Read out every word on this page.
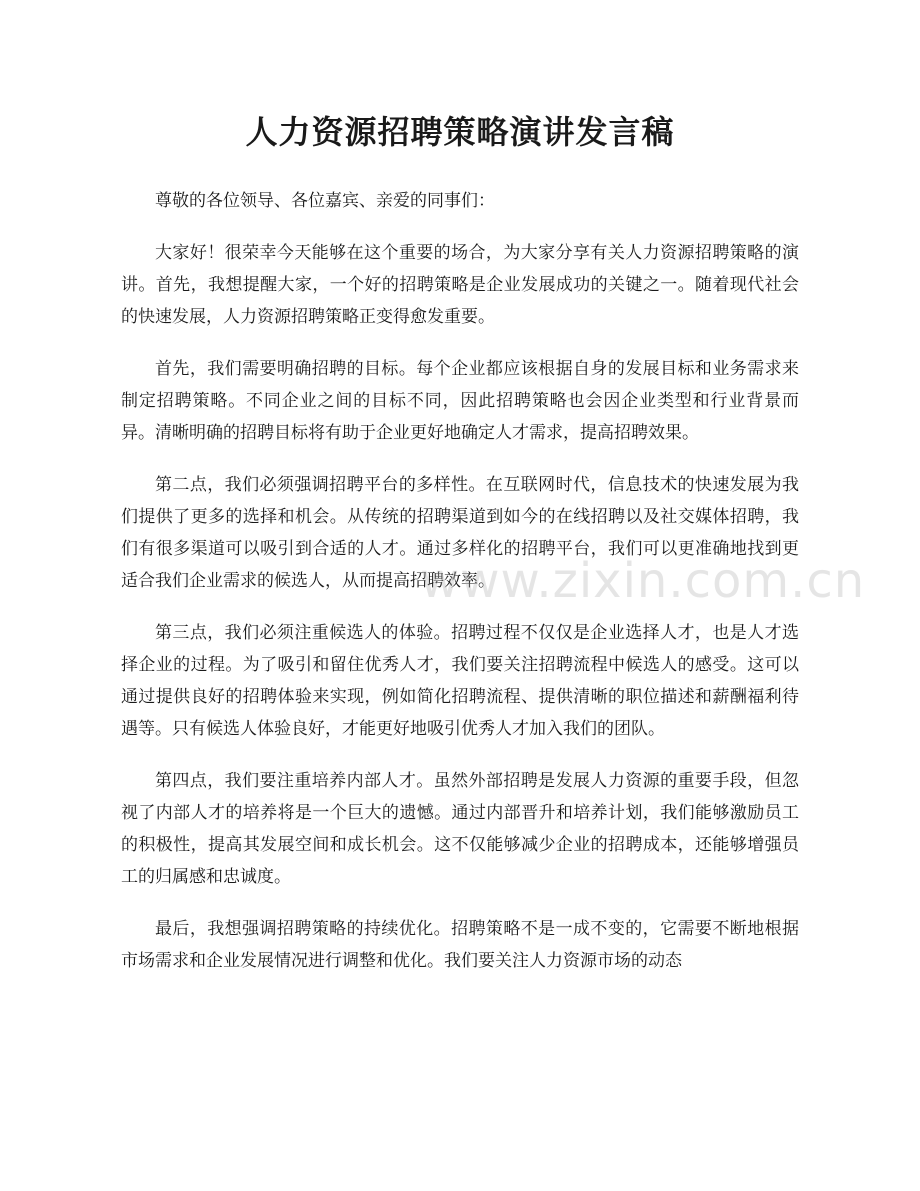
人力资源招聘策略演讲发言稿

尊敬的各位领导、各位嘉宾、亲爱的同事们：

大家好！很荣幸今天能够在这个重要的场合，为大家分享有关人力资源招聘策略的演讲。首先，我想提醒大家，一个好的招聘策略是企业发展成功的关键之一。随着现代社会的快速发展，人力资源招聘策略正变得愈发重要。

首先，我们需要明确招聘的目标。每个企业都应该根据自身的发展目标和业务需求来制定招聘策略。不同企业之间的目标不同，因此招聘策略也会因企业类型和行业背景而异。清晰明确的招聘目标将有助于企业更好地确定人才需求，提高招聘效果。

第二点，我们必须强调招聘平台的多样性。在互联网时代，信息技术的快速发展为我们提供了更多的选择和机会。从传统的招聘渠道到如今的在线招聘以及社交媒体招聘，我们有很多渠道可以吸引到合适的人才。通过多样化的招聘平台，我们可以更准确地找到更适合我们企业需求的候选人，从而提高招聘效率。

第三点，我们必须注重候选人的体验。招聘过程不仅仅是企业选择人才，也是人才选择企业的过程。为了吸引和留住优秀人才，我们要关注招聘流程中候选人的感受。这可以通过提供良好的招聘体验来实现，例如简化招聘流程、提供清晰的职位描述和薪酬福利待遇等。只有候选人体验良好，才能更好地吸引优秀人才加入我们的团队。

第四点，我们要注重培养内部人才。虽然外部招聘是发展人力资源的重要手段，但忽视了内部人才的培养将是一个巨大的遗憾。通过内部晋升和培养计划，我们能够激励员工的积极性，提高其发展空间和成长机会。这不仅能够减少企业的招聘成本，还能够增强员工的归属感和忠诚度。

最后，我想强调招聘策略的持续优化。招聘策略不是一成不变的，它需要不断地根据市场需求和企业发展情况进行调整和优化。我们要关注人力资源市场的动态

www.zixin.com.cn
